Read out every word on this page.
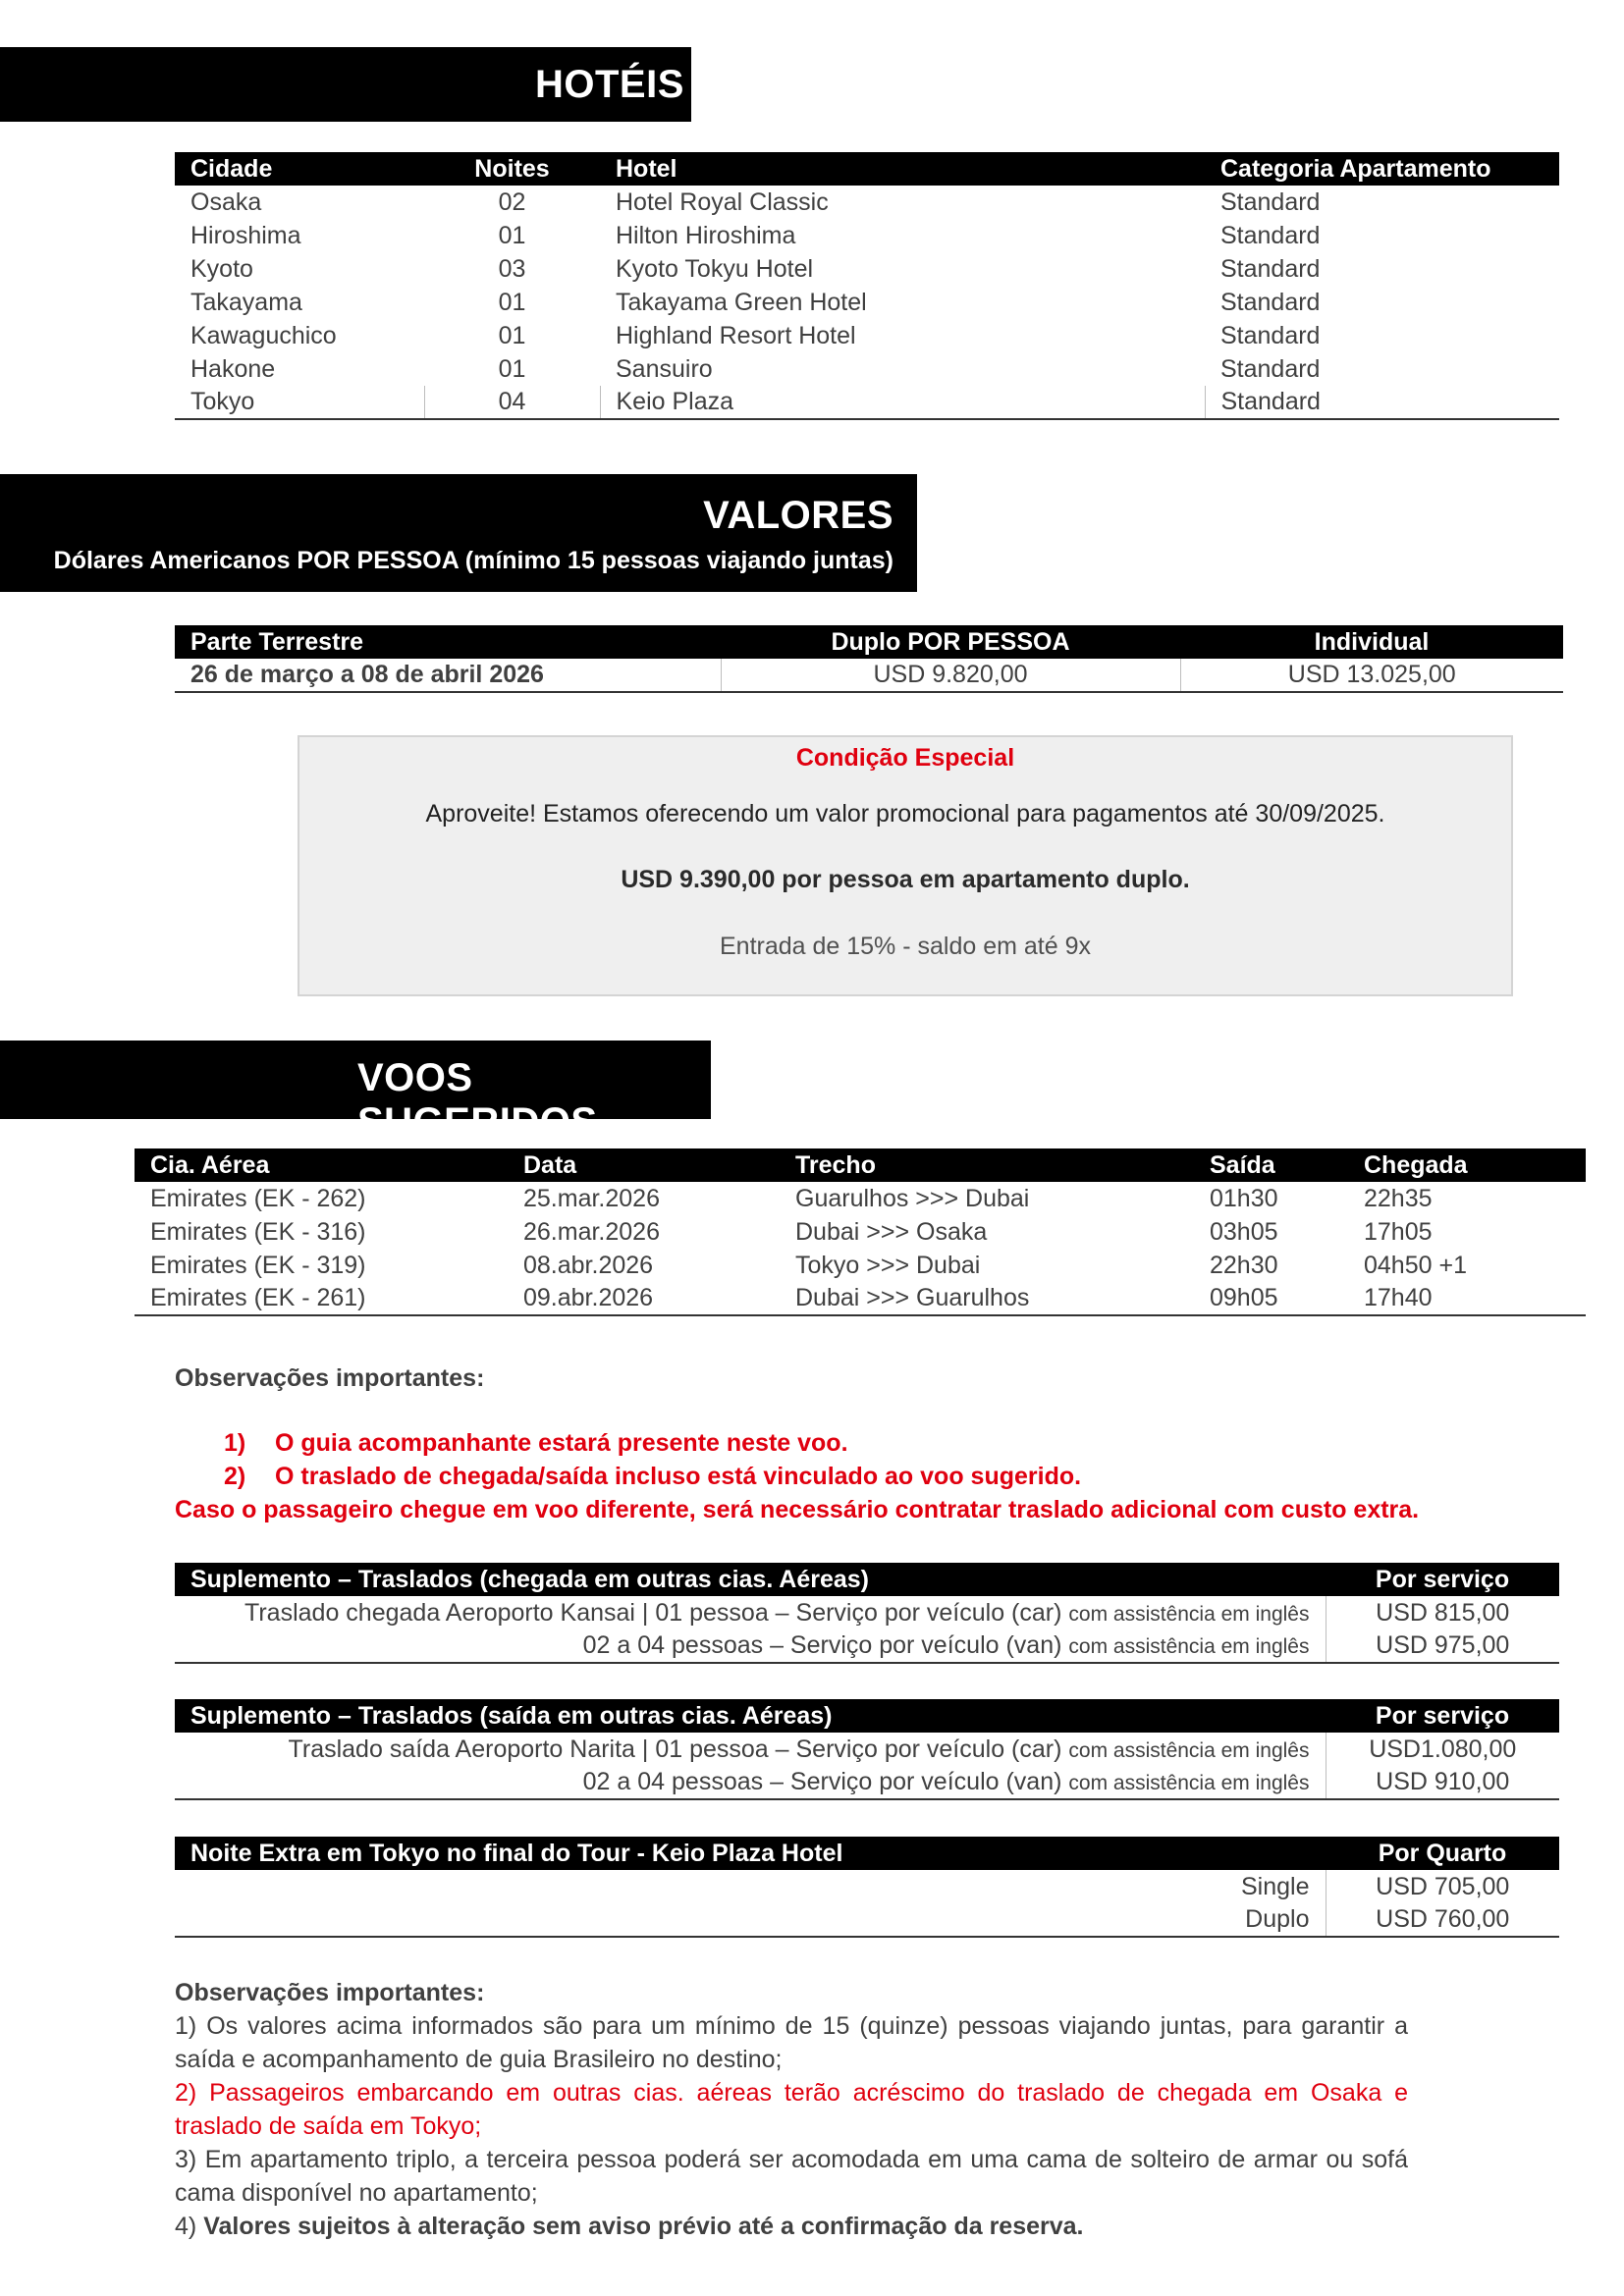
HOTÉIS
Cidade	Noites	Hotel	Categoria Apartamento
Osaka	02	Hotel Royal Classic	Standard
Hiroshima	01	Hilton Hiroshima	Standard
Kyoto	03	Kyoto Tokyu Hotel	Standard
Takayama	01	Takayama Green Hotel	Standard
Kawaguchico	01	Highland Resort Hotel	Standard
Hakone	01	Sansuiro	Standard
Tokyo	04	Keio Plaza	Standard
VALORES
Dólares Americanos POR PESSOA (mínimo 15 pessoas viajando juntas)
Parte Terrestre	Duplo POR PESSOA	Individual
26 de março a 08 de abril 2026	USD 9.820,00	USD 13.025,00
Condição Especial
Aproveite! Estamos oferecendo um valor promocional para pagamentos até 30/09/2025.
USD 9.390,00 por pessoa em apartamento duplo.
Entrada de 15% - saldo em até 9x
VOOS SUGERIDOS
Cia. Aérea	Data	Trecho	Saída	Chegada
Emirates (EK - 262)	25.mar.2026	Guarulhos >>> Dubai	01h30	22h35
Emirates (EK - 316)	26.mar.2026	Dubai >>> Osaka	03h05	17h05
Emirates (EK - 319)	08.abr.2026	Tokyo >>> Dubai	22h30	04h50 +1
Emirates (EK - 261)	09.abr.2026	Dubai >>> Guarulhos	09h05	17h40
Observações importantes:
1) O guia acompanhante estará presente neste voo.
2) O traslado de chegada/saída incluso está vinculado ao voo sugerido.
Caso o passageiro chegue em voo diferente, será necessário contratar traslado adicional com custo extra.
Suplemento – Traslados (chegada em outras cias. Aéreas)	Por serviço
Traslado chegada Aeroporto Kansai | 01 pessoa – Serviço por veículo (car) com assistência em inglês	USD 815,00
02 a 04 pessoas – Serviço por veículo (van) com assistência em inglês	USD 975,00
Suplemento – Traslados (saída em outras cias. Aéreas)	Por serviço
Traslado saída Aeroporto Narita | 01 pessoa – Serviço por veículo (car) com assistência em inglês	USD1.080,00
02 a 04 pessoas – Serviço por veículo (van) com assistência em inglês	USD 910,00
Noite Extra em Tokyo no final do Tour - Keio Plaza Hotel	Por Quarto
Single	USD 705,00
Duplo	USD 760,00
Observações importantes:
1) Os valores acima informados são para um mínimo de 15 (quinze) pessoas viajando juntas, para garantir a saída e acompanhamento de guia Brasileiro no destino;
2) Passageiros embarcando em outras cias. aéreas terão acréscimo do traslado de chegada em Osaka e traslado de saída em Tokyo;
3) Em apartamento triplo, a terceira pessoa poderá ser acomodada em uma cama de solteiro de armar ou sofá cama disponível no apartamento;
4) Valores sujeitos à alteração sem aviso prévio até a confirmação da reserva.
